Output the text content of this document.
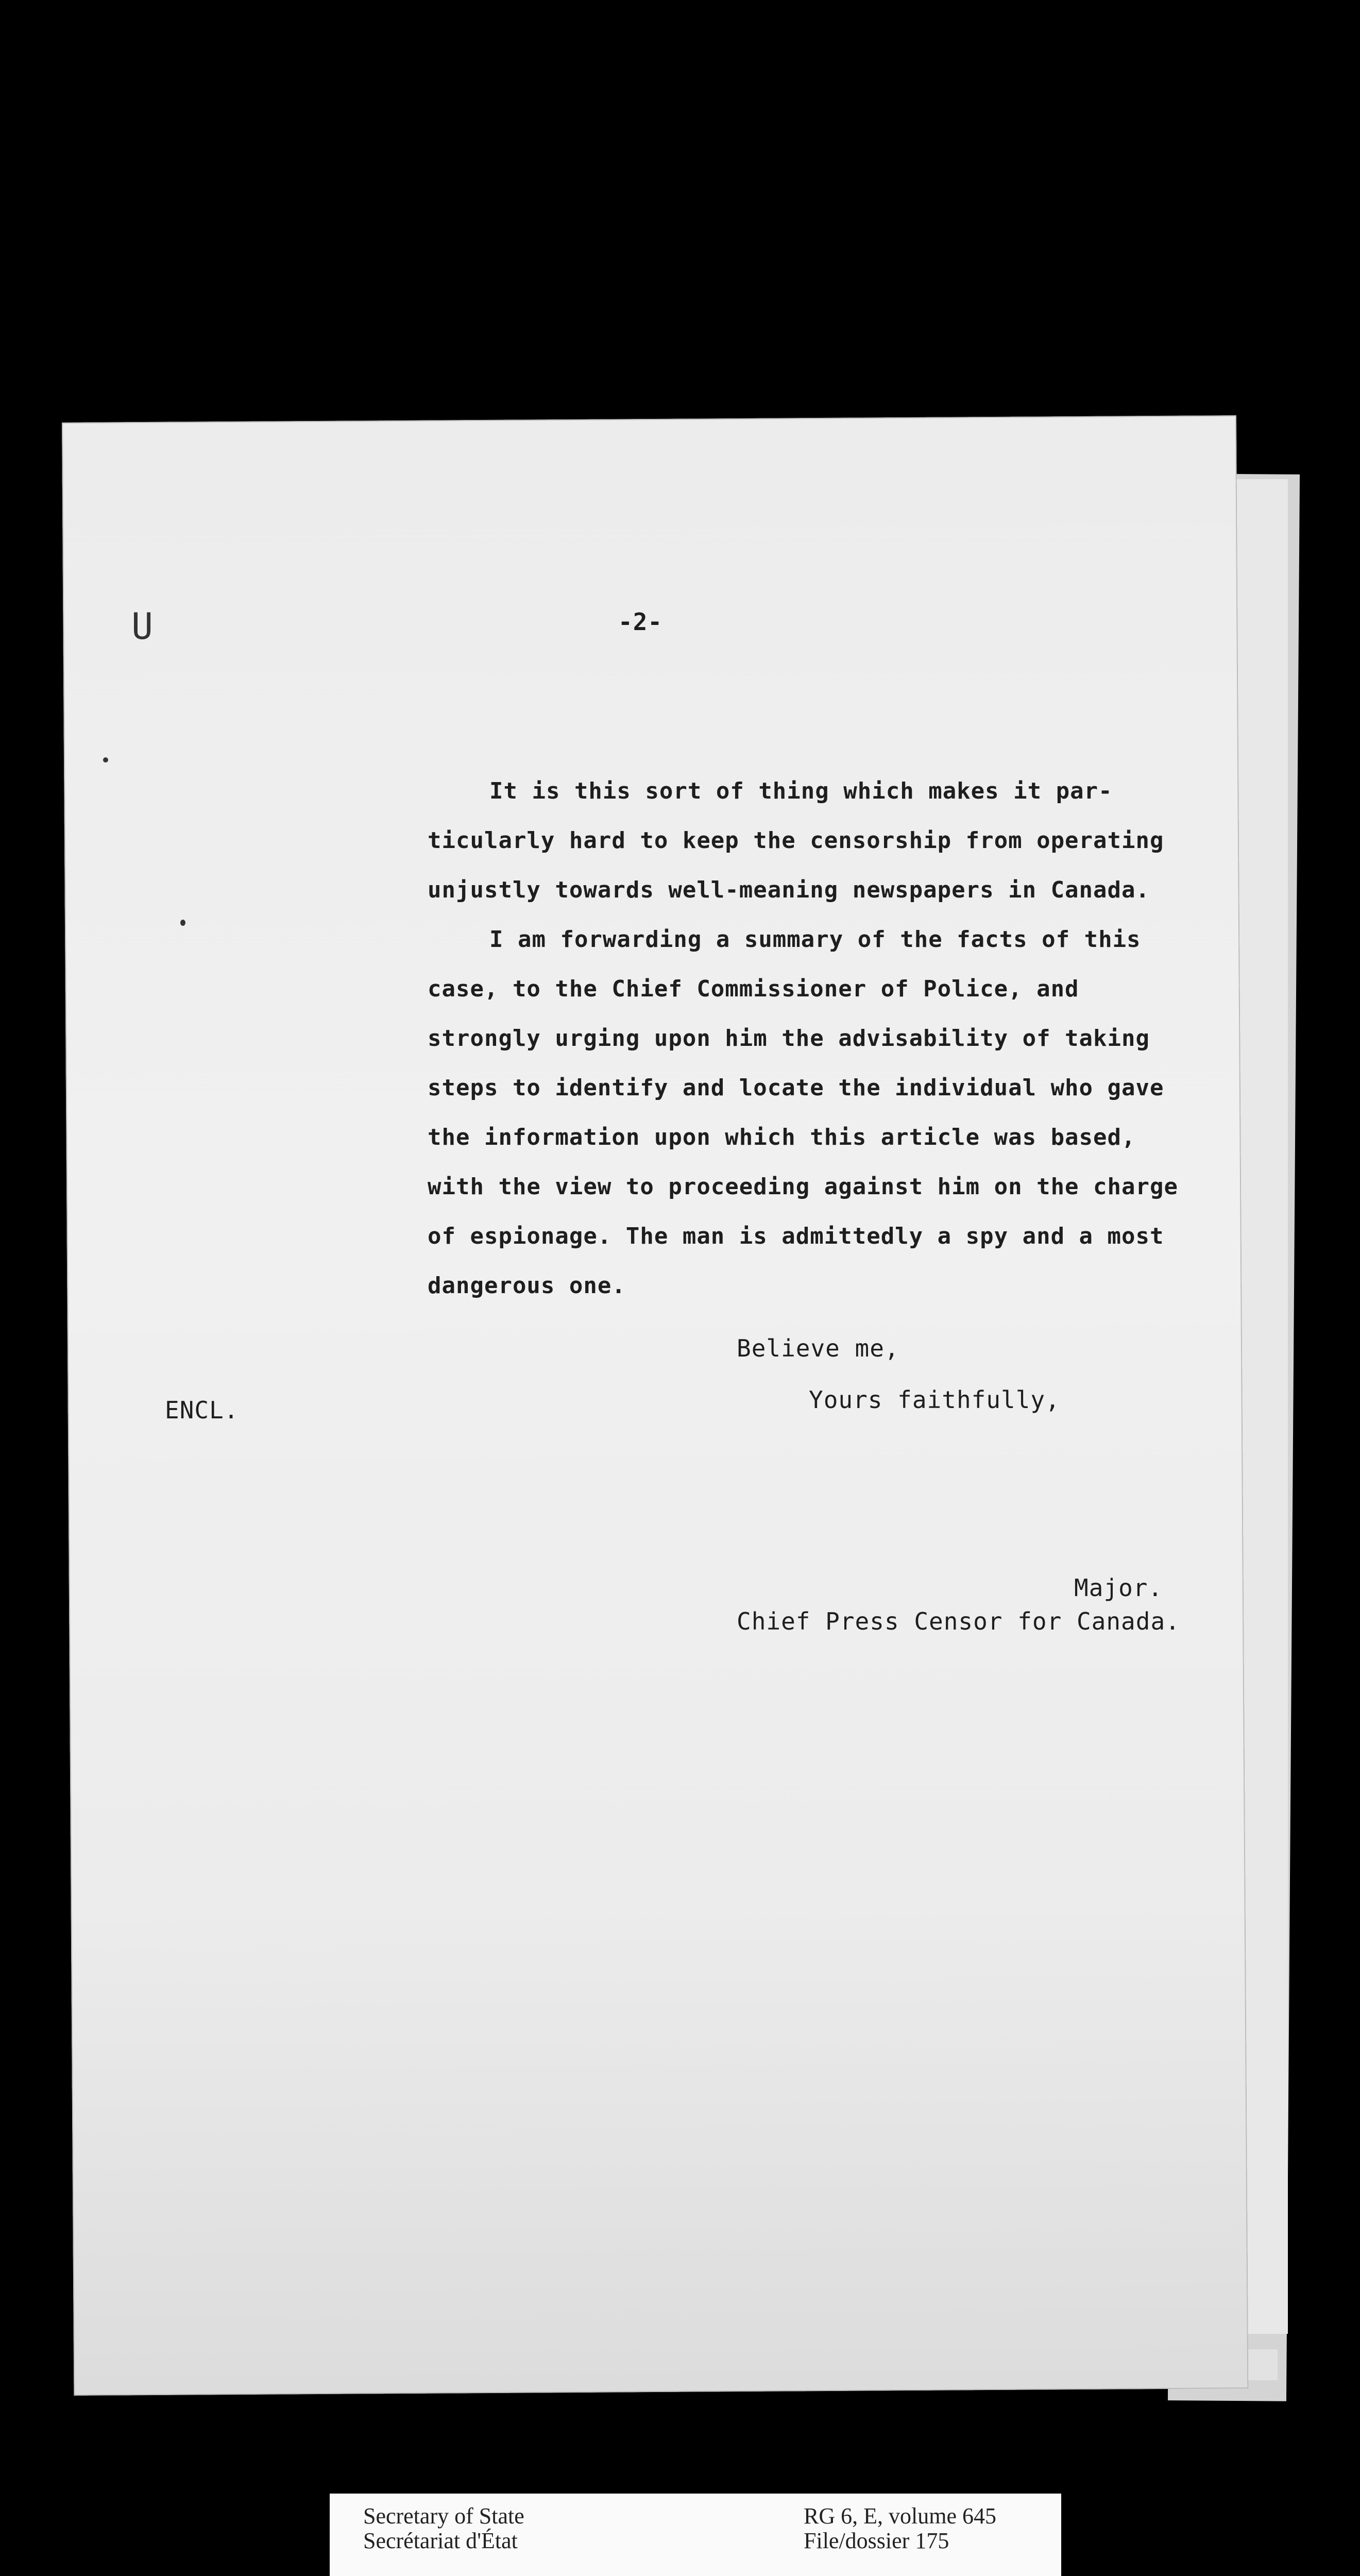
U	-2-
It is this sort of thing which makes it par-
ticularly hard to keep the censorship from operating
unjustly towards well-meaning newspapers in Canada.
I am forwarding a summary of the facts of this
case, to the Chief Commissioner of Police, and
strongly urging upon him the advisability of taking
steps to identify and locate the individual who gave
the information upon which this article was based,
with the view to proceeding against him on the charge
of espionage. The man is admittedly a spy and a most
dangerous one.
Believe me,
Yours faithfully,
ENCL.
Major.
Chief Press Censor for Canada.
Secretary of State
Secrétariat d'État
RG 6, E, volume 645
File/dossier 175
